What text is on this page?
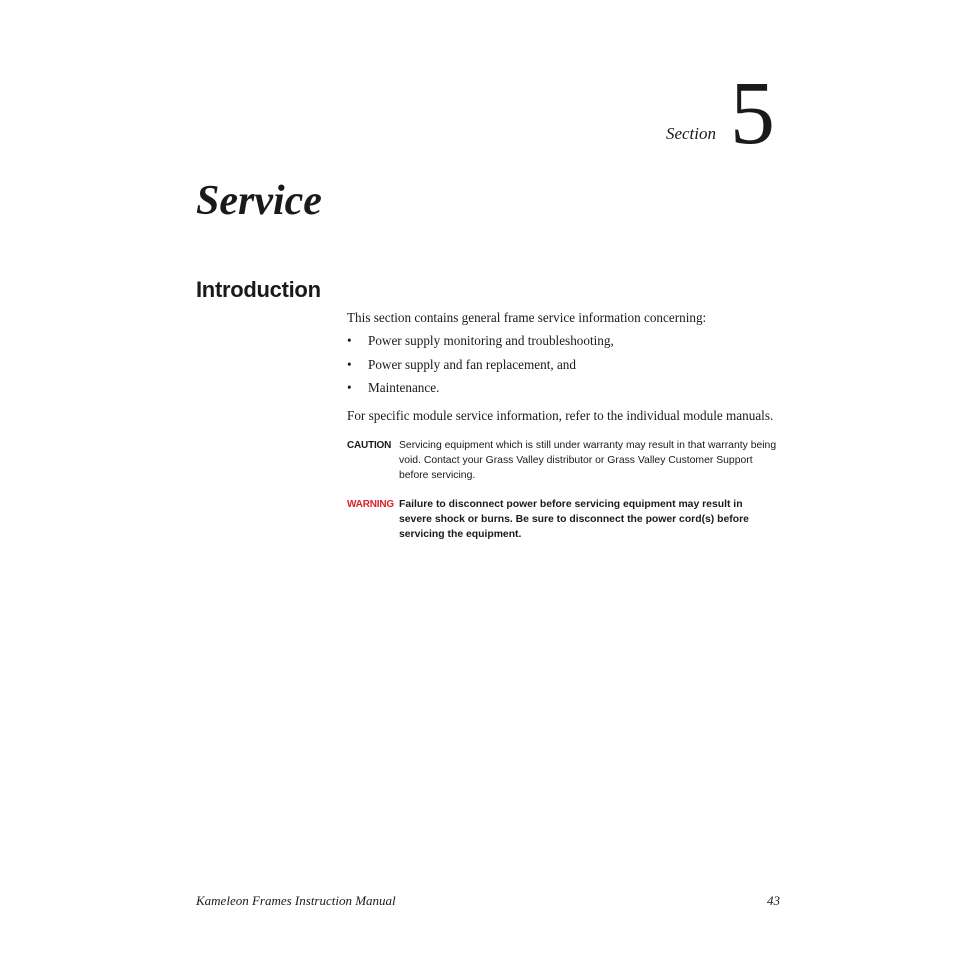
Section 5
Service
Introduction

This section contains general frame service information concerning:

• Power supply monitoring and troubleshooting,
• Power supply and fan replacement, and
• Maintenance.

For specific module service information, refer to the individual module manuals.

CAUTION Servicing equipment which is still under warranty may result in that warranty being void. Contact your Grass Valley distributor or Grass Valley Customer Support before servicing.
WARNING Failure to disconnect power before servicing equipment may result in severe shock or burns. Be sure to disconnect the power cord(s) before servicing the equipment.
Kameleon Frames Instruction Manual	43
